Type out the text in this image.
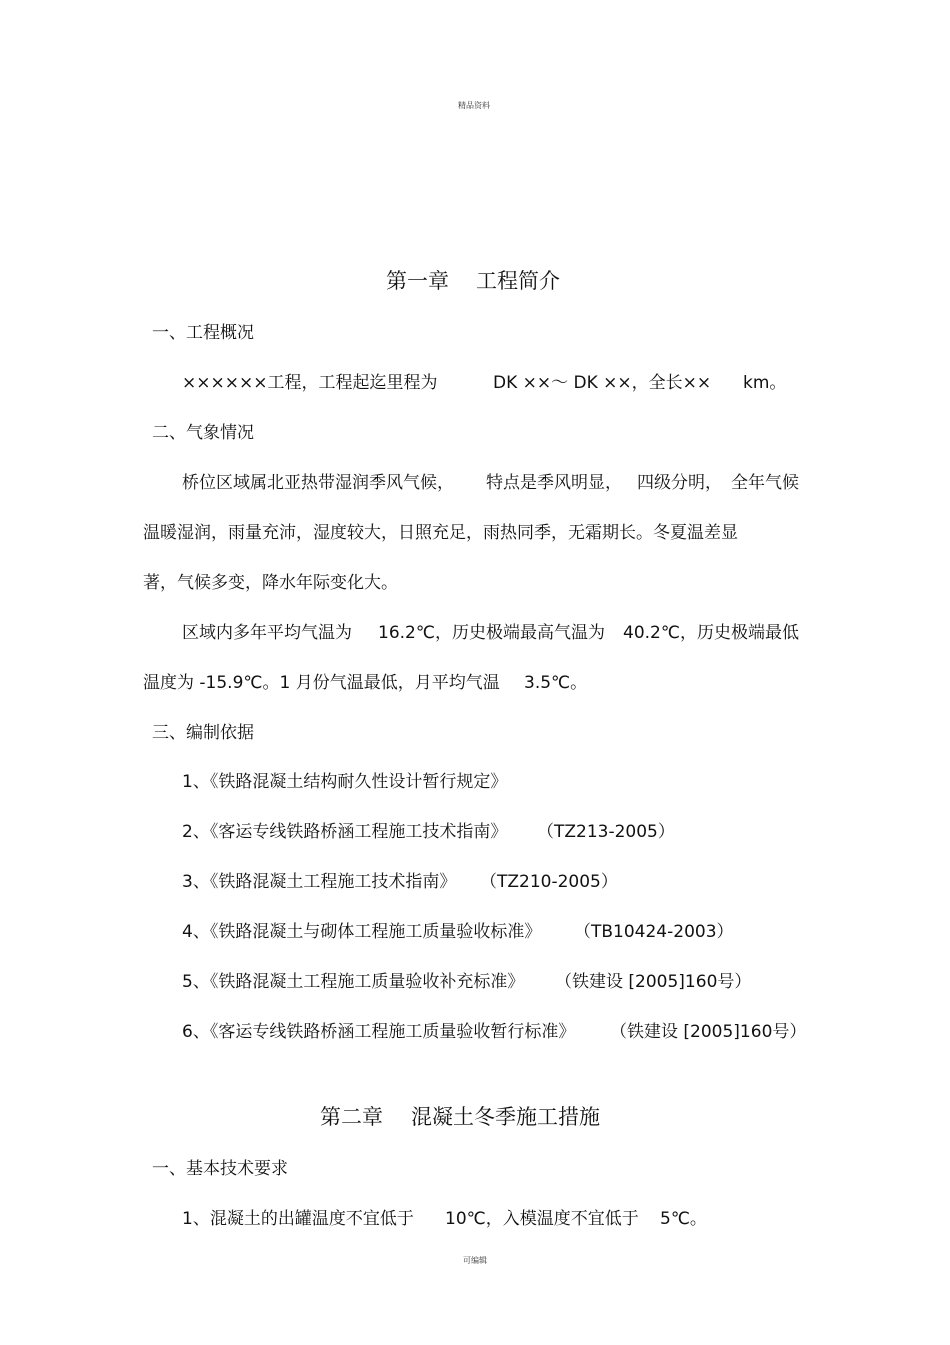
精品资料
第一章 工程简介
一、工程概况
××××××工程，工程起迄里程为	DK ××～ DK ××，全长×× km。
二、气象情况
桥位区域属北亚热带湿润季风气候， 特点是季风明显， 四级分明， 全年气候
温暖湿润，雨量充沛，湿度较大，日照充足，雨热同季，无霜期长。冬夏温差显
著，气候多变，降水年际变化大。
区域内多年平均气温为 16.2℃，历史极端最高气温为 40.2℃，历史极端最低
温度为 -15.9℃。1 月份气温最低，月平均气温 3.5℃。
三、编制依据
1、《铁路混凝土结构耐久性设计暂行规定》
2、《客运专线铁路桥涵工程施工技术指南》 （TZ213-2005）
3、《铁路混凝土工程施工技术指南》 （TZ210-2005）
4、《铁路混凝土与砌体工程施工质量验收标准》 （TB10424-2003）
5、《铁路混凝土工程施工质量验收补充标准》 （铁建设 [2005]160号）
6、《客运专线铁路桥涵工程施工质量验收暂行标准》 （铁建设 [2005]160号）
第二章 混凝土冬季施工措施
一、基本技术要求
1、混凝土的出罐温度不宜低于 10℃，入模温度不宜低于 5℃。
可编辑
